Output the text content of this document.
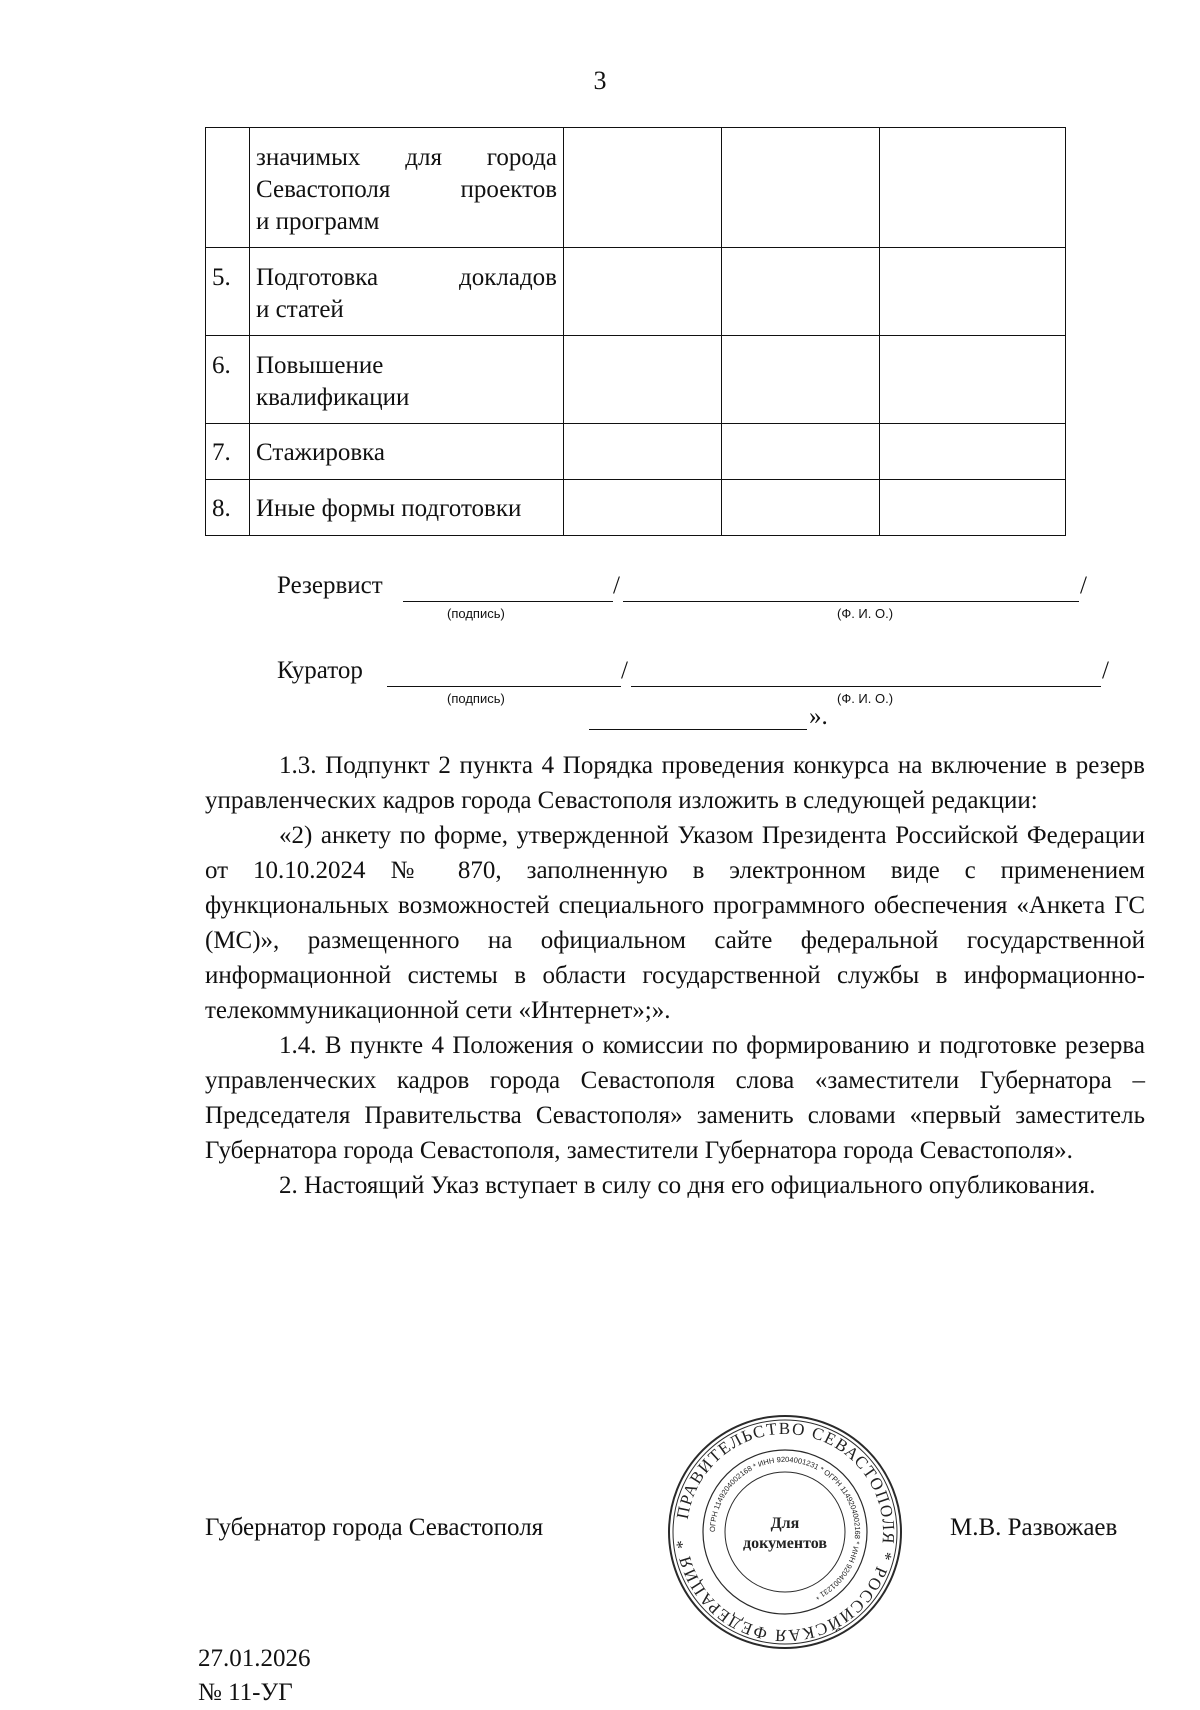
3

	значимых для города
Севастополя проектов
и программ			

5.	Подготовка докладов
и статей			

6.	Повышение
квалификации			

7.	Стажировка			

8.	Иные формы подготовки			

Резервист	/	/
(подпись)	(Ф. И. О.)
Куратор	/	/
(подпись)	(Ф. И. О.)
».

1.3. Подпункт 2 пункта 4 Порядка проведения конкурса на включение в резерв управленческих кадров города Севастополя изложить в следующей редакции:

«2) анкету по форме, утвержденной Указом Президента Российской Федерации от 10.10.2024 № 870, заполненную в электронном виде с применением функциональных возможностей специального программного обеспечения «Анкета ГС (МС)», размещенного на официальном сайте федеральной государственной информационной системы в области государственной службы в информационно-телекоммуникационной сети «Интернет»;».

1.4. В пункте 4 Положения о комиссии по формированию и подготовке резерва управленческих кадров города Севастополя слова «заместители Губернатора – Председателя Правительства Севастополя» заменить словами «первый заместитель Губернатора города Севастополя, заместители Губернатора города Севастополя».

2. Настоящий Указ вступает в силу со дня его официального опубликования.

Губернатор города Севастополя	М.В. Развожаев
ПРАВИТЕЛЬСТВО СЕВАСТОПОЛЯ * РОССИЙСКАЯ ФЕДЕРАЦИЯ *
ОГРН 1149204002168 * ИНН 9204001231 * ОГРН 1149204002168 * ИНН 9204001231 *
Для
документов
27.01.2026
№ 11-УГ
